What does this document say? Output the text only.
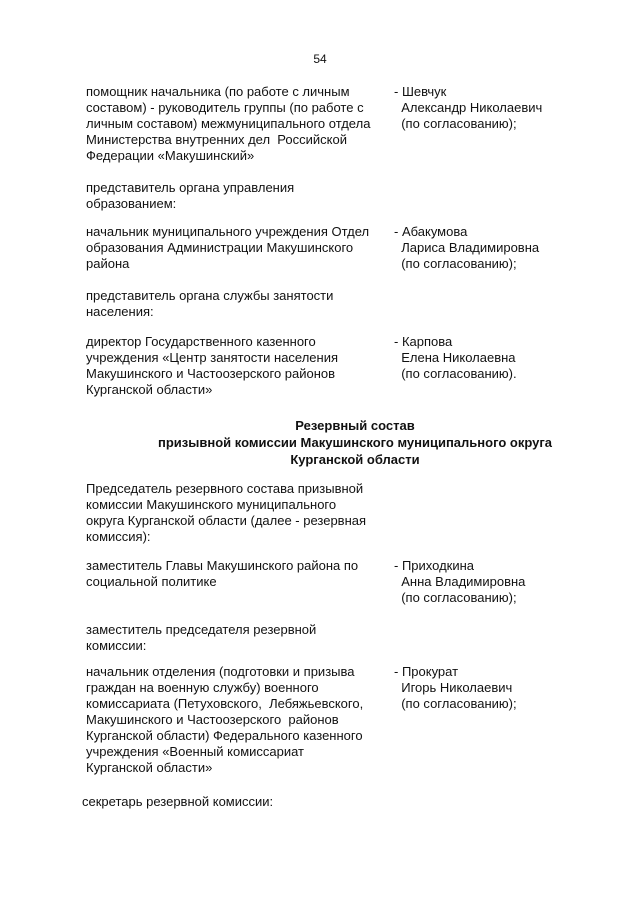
54
помощник начальника (по работе с личным
составом) - руководитель группы (по работе с
личным составом) межмуниципального отдела
Министерства внутренних дел  Российской
Федерации «Макушинский»
- Шевчук
Александр Николаевич
(по согласованию);
представитель органа управления
образованием:
начальник муниципального учреждения Отдел
образования Администрации Макушинского
района
- Абакумова
Лариса Владимировна
(по согласованию);
представитель органа службы занятости
населения:
директор Государственного казенного
учреждения «Центр занятости населения
Макушинского и Частоозерского районов
Курганской области»
- Карпова
Елена Николаевна
(по согласованию).
Резервный состав
призывной комиссии Макушинского муниципального округа
Курганской области
Председатель резервного состава призывной
комиссии Макушинского муниципального
округа Курганской области (далее - резервная
комиссия):
заместитель Главы Макушинского района по
социальной политике
- Приходкина
Анна Владимировна
(по согласованию);
заместитель председателя резервной
комиссии:
начальник отделения (подготовки и призыва
граждан на военную службу) военного
комиссариата (Петуховского,  Лебяжьевского,
Макушинского и Частоозерского  районов
Курганской области) Федерального казенного
учреждения «Военный комиссариат
Курганской области»
- Прокурат
Игорь Николаевич
(по согласованию);
секретарь резервной комиссии:
